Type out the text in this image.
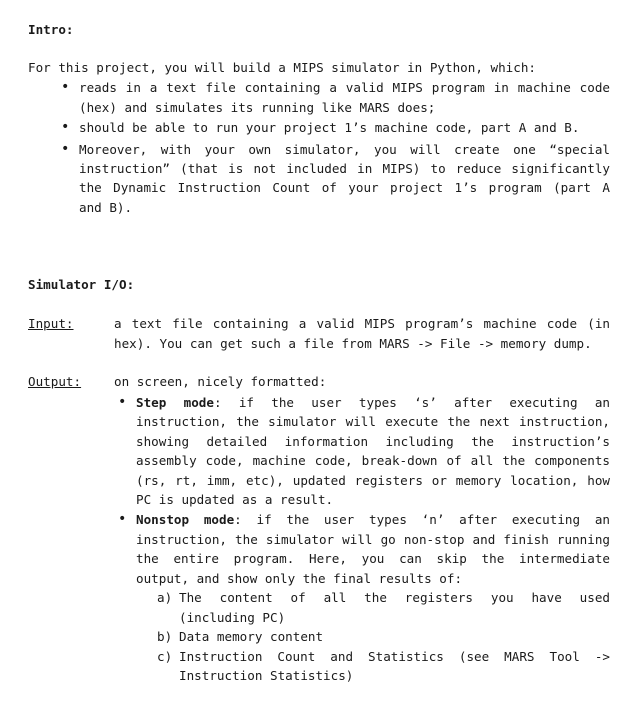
Intro:
For this project, you will build a MIPS simulator in Python, which:
• reads in a text file containing a valid MIPS program in machine code
(hex) and simulates its running like MARS does;
• should be able to run your project 1’s machine code, part A and B.
• Moreover, with your own simulator, you will create one “special
instruction” (that is not included in MIPS) to reduce significantly
the Dynamic Instruction Count of your project 1’s program (part A
and B).
Simulator I/O:
Input:	a text file containing a valid MIPS program’s machine code (in
hex). You can get such a file from MARS -> File -> memory dump.
Output:	on screen, nicely formatted:
• Step mode: if the user types ‘s’ after executing an
instruction, the simulator will execute the next instruction,
showing detailed information including the instruction’s
assembly code, machine code, break-down of all the components
(rs, rt, imm, etc), updated registers or memory location, how
PC is updated as a result.
• Nonstop mode: if the user types ‘n’ after executing an
instruction, the simulator will go non-stop and finish running
the entire program. Here, you can skip the intermediate
output, and show only the final results of:
a) The content of all the registers you have used
(including PC)
b) Data memory content
c) Instruction Count and Statistics (see MARS Tool ->
Instruction Statistics)
